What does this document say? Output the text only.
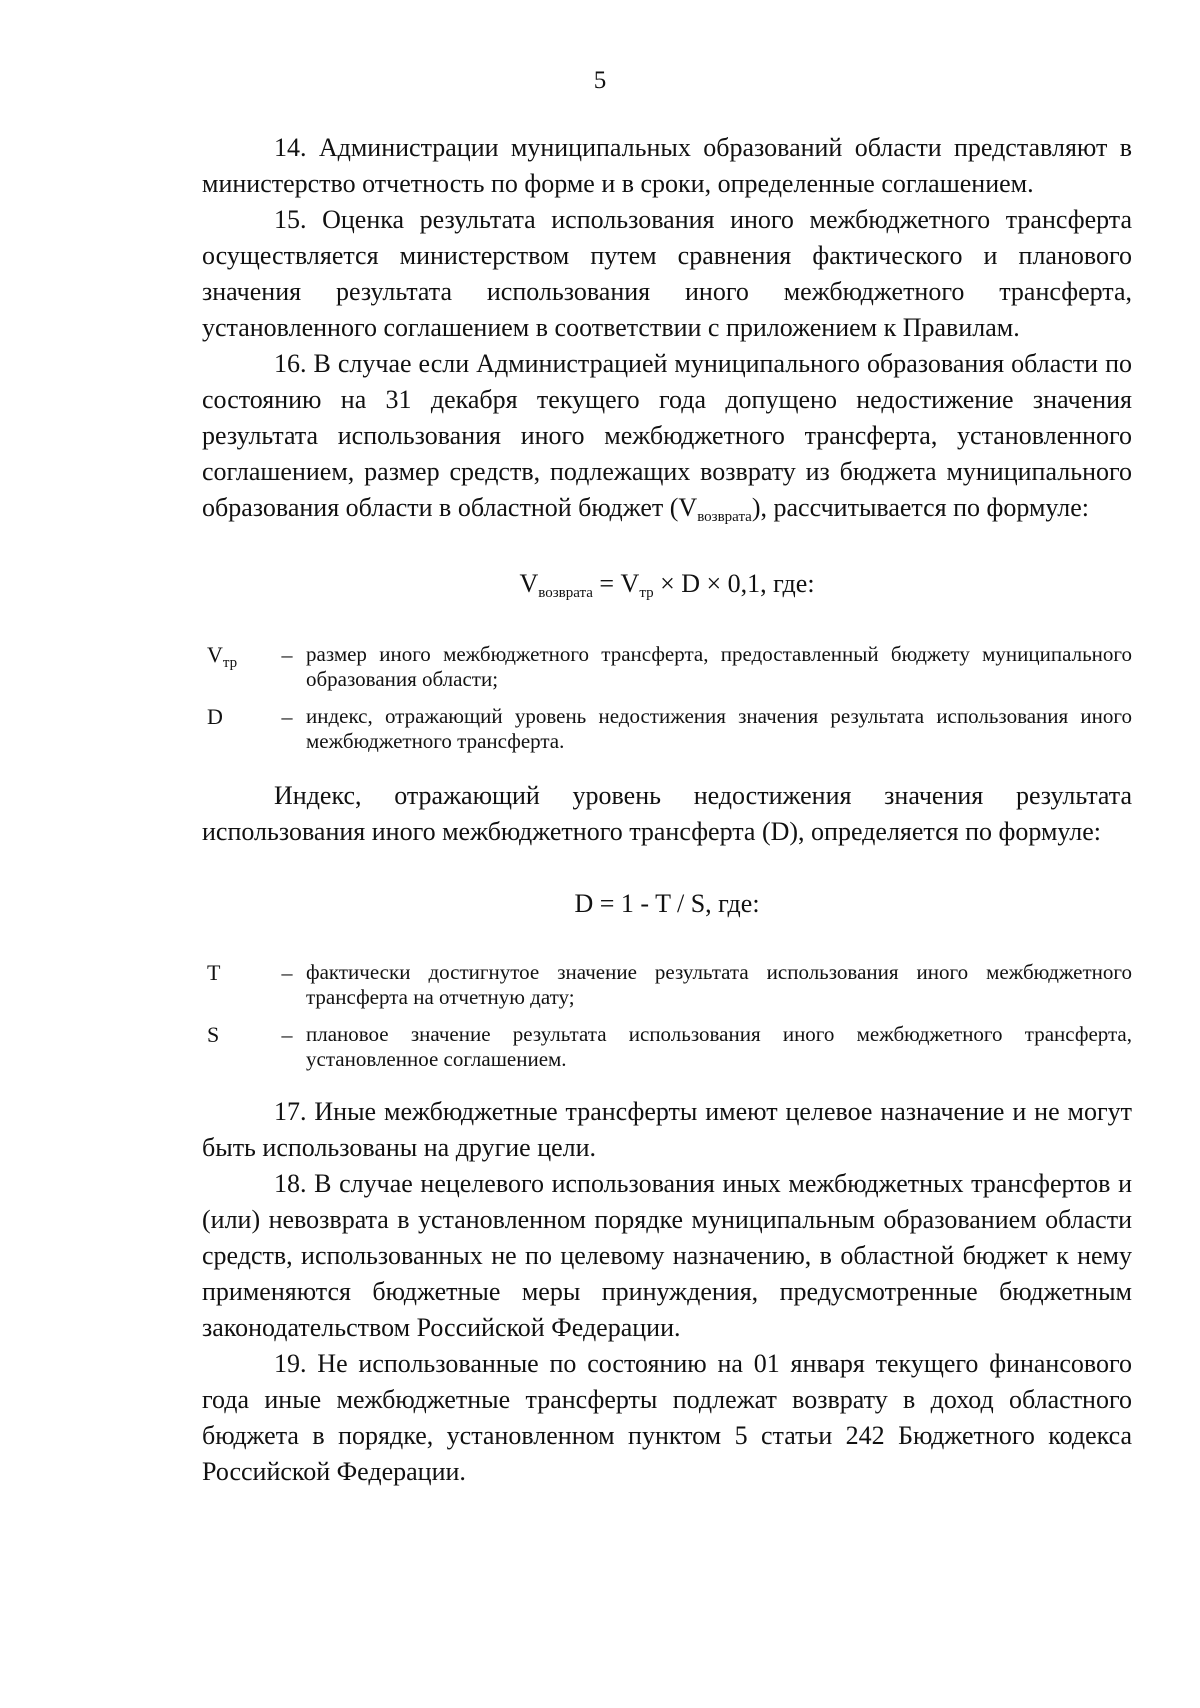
5

14. Администрации муниципальных образований области представляют в министерство отчетность по форме и в сроки, определенные соглашением.

15. Оценка результата использования иного межбюджетного трансферта осуществляется министерством путем сравнения фактического и планового значения результата использования иного межбюджетного трансферта, установленного соглашением в соответствии с приложением к Правилам.

16. В случае если Администрацией муниципального образования области по состоянию на 31 декабря текущего года допущено недостижение значения результата использования иного межбюджетного трансферта, установленного соглашением, размер средств, подлежащих возврату из бюджета муниципального образования области в областной бюджет $(V_{возврата})$, рассчитывается по формуле:

$V_{возврата} = V_{тр} \times D \times 0,1$, где:

$V_{тр}$	– размер иного межбюджетного трансферта, предоставленный бюджету муниципального образования области;
D	– индекс, отражающий уровень недостижения значения результата использования иного межбюджетного трансферта.

Индекс, отражающий уровень недостижения значения результата использования иного межбюджетного трансферта (D), определяется по формуле:

D = 1 - T / S, где:

T	– фактически достигнутое значение результата использования иного межбюджетного трансферта на отчетную дату;
S	– плановое значение результата использования иного межбюджетного трансферта, установленное соглашением.

17. Иные межбюджетные трансферты имеют целевое назначение и не могут быть использованы на другие цели.

18. В случае нецелевого использования иных межбюджетных трансфертов и (или) невозврата в установленном порядке муниципальным образованием области средств, использованных не по целевому назначению, в областной бюджет к нему применяются бюджетные меры принуждения, предусмотренные бюджетным законодательством Российской Федерации.

19. Не использованные по состоянию на 01 января текущего финансового года иные межбюджетные трансферты подлежат возврату в доход областного бюджета в порядке, установленном пунктом 5 статьи 242 Бюджетного кодекса Российской Федерации.
